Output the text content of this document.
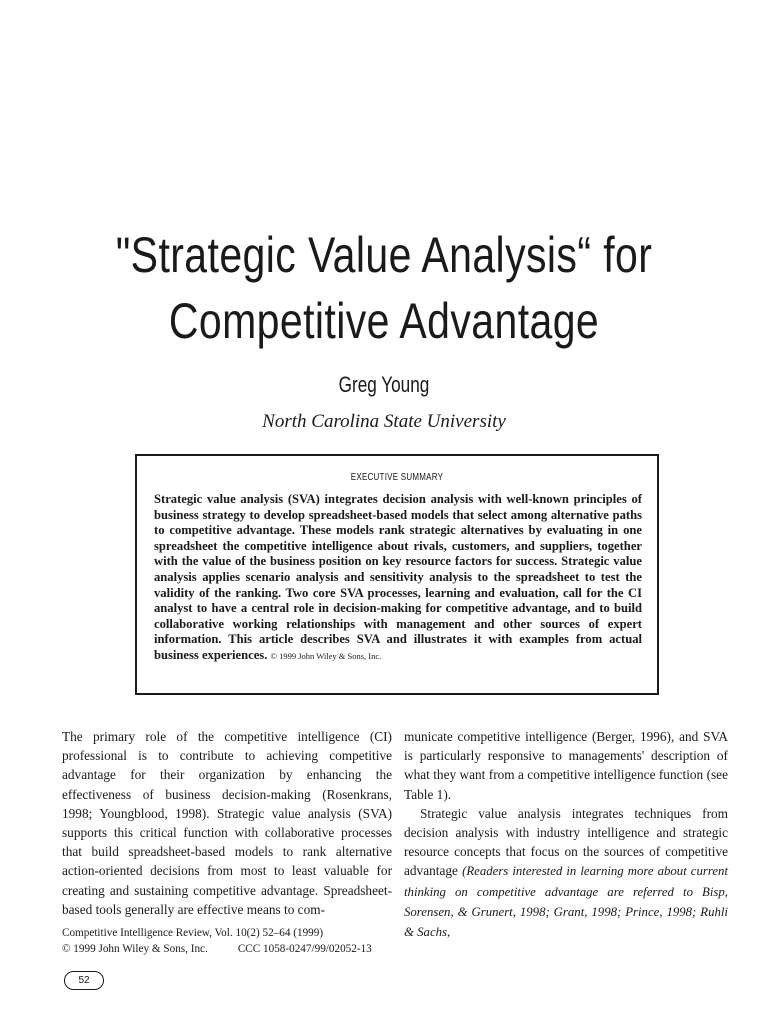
"Strategic Value Analysis“ for
Competitive Advantage
Greg Young
North Carolina State University
EXECUTIVE SUMMARY

Strategic value analysis (SVA) integrates decision analysis with well-known principles of business strategy to develop spreadsheet-based models that select among alternative paths to competitive advantage. These models rank strategic alternatives by evaluating in one spreadsheet the competitive intelligence about rivals, customers, and suppliers, together with the value of the business position on key resource factors for success. Strategic value analysis applies scenario analysis and sensitivity analysis to the spreadsheet to test the validity of the ranking. Two core SVA processes, learning and evaluation, call for the CI analyst to have a central role in decision-making for competitive advantage, and to build collaborative working relationships with management and other sources of expert information. This article describes SVA and illustrates it with examples from actual business experiences. © 1999 John Wiley & Sons, Inc.

The primary role of the competitive intelligence (CI) professional is to contribute to achieving competitive advantage for their organization by enhancing the effectiveness of business decision-making (Rosenkrans, 1998; Youngblood, 1998). Strategic value analysis (SVA) supports this critical function with collaborative processes that build spreadsheet-based models to rank alternative action-oriented decisions from most to least valuable for creating and sustaining competitive advantage. Spreadsheet-based tools generally are effective means to com-

municate competitive intelligence (Berger, 1996), and SVA is particularly responsive to managements' description of what they want from a competitive intelligence function (see Table 1).
Strategic value analysis integrates techniques from decision analysis with industry intelligence and strategic resource concepts that focus on the sources of competitive advantage (Readers interested in learning more about current thinking on competitive advantage are referred to Bisp, Sorensen, & Grunert, 1998; Grant, 1998; Prince, 1998; Ruhli & Sachs,
Competitive Intelligence Review, Vol. 10(2) 52–64 (1999)
© 1999 John Wiley & Sons, Inc.	CCC 1058-0247/99/02052-13
52
